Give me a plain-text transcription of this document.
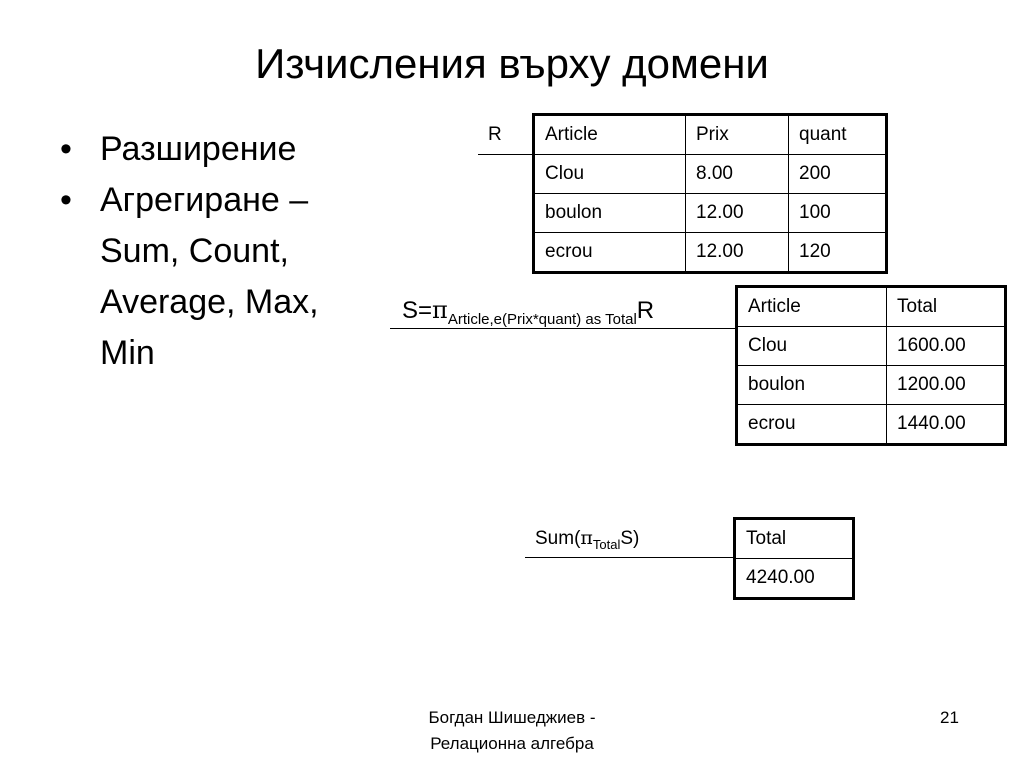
Изчисления върху домени
• Разширение
• Агрегиране – Sum, Count, Average, Max, Min
R Article	Prix	quant
Clou	8.00	200
boulon	12.00	100
ecrou	12.00	120
$S=\pi_{Article,e(Prix*quant) as Total}R$	Article	Total
Clou	1600.00
boulon	1200.00
ecrou	1440.00
$Sum(\pi_{Total}S)$	Total
4240.00
Богдан Шишеджиев -
Релационна алгебра
21
